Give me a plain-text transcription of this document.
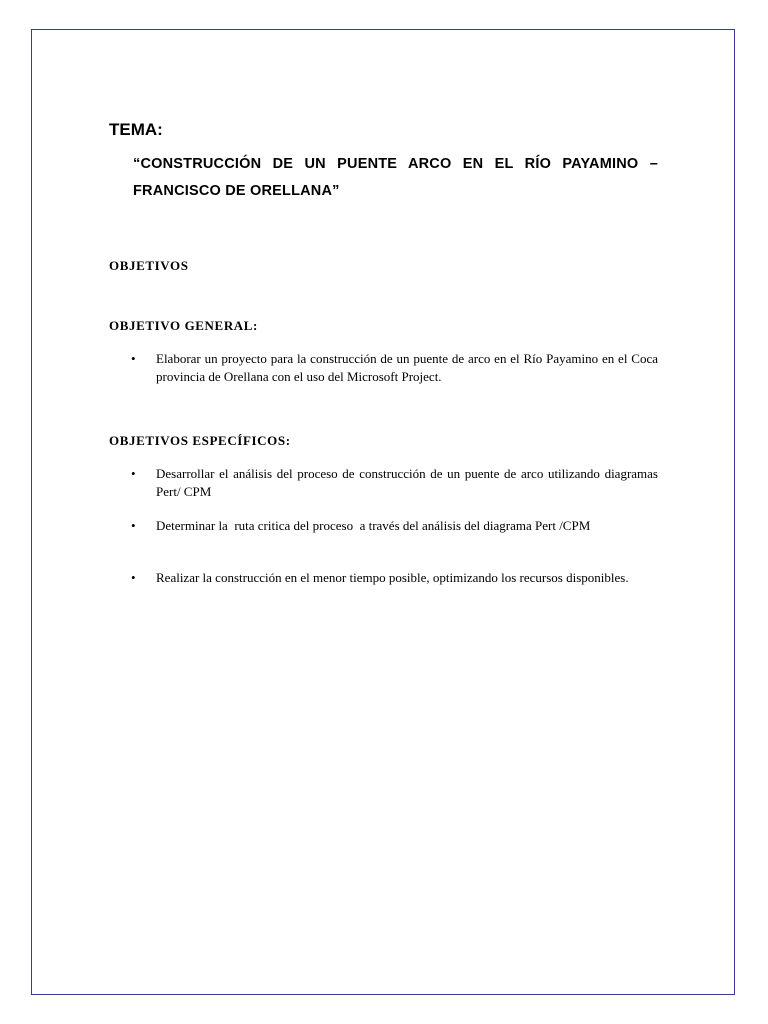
TEMA:
“CONSTRUCCIÓN DE UN PUENTE ARCO EN EL RÍO PAYAMINO – FRANCISCO DE ORELLANA”
OBJETIVOS
OBJETIVO GENERAL:
•	Elaborar un proyecto para la construcción de un puente de arco en el Río Payamino en el Coca provincia de Orellana con el uso del Microsoft Project.
OBJETIVOS ESPECÍFICOS:
•	Desarrollar el análisis del proceso de construcción de un puente de arco utilizando diagramas Pert/ CPM
•	Determinar la  ruta critica del proceso  a través del análisis del diagrama Pert /CPM
•	Realizar la construcción en el menor tiempo posible, optimizando los recursos disponibles.
